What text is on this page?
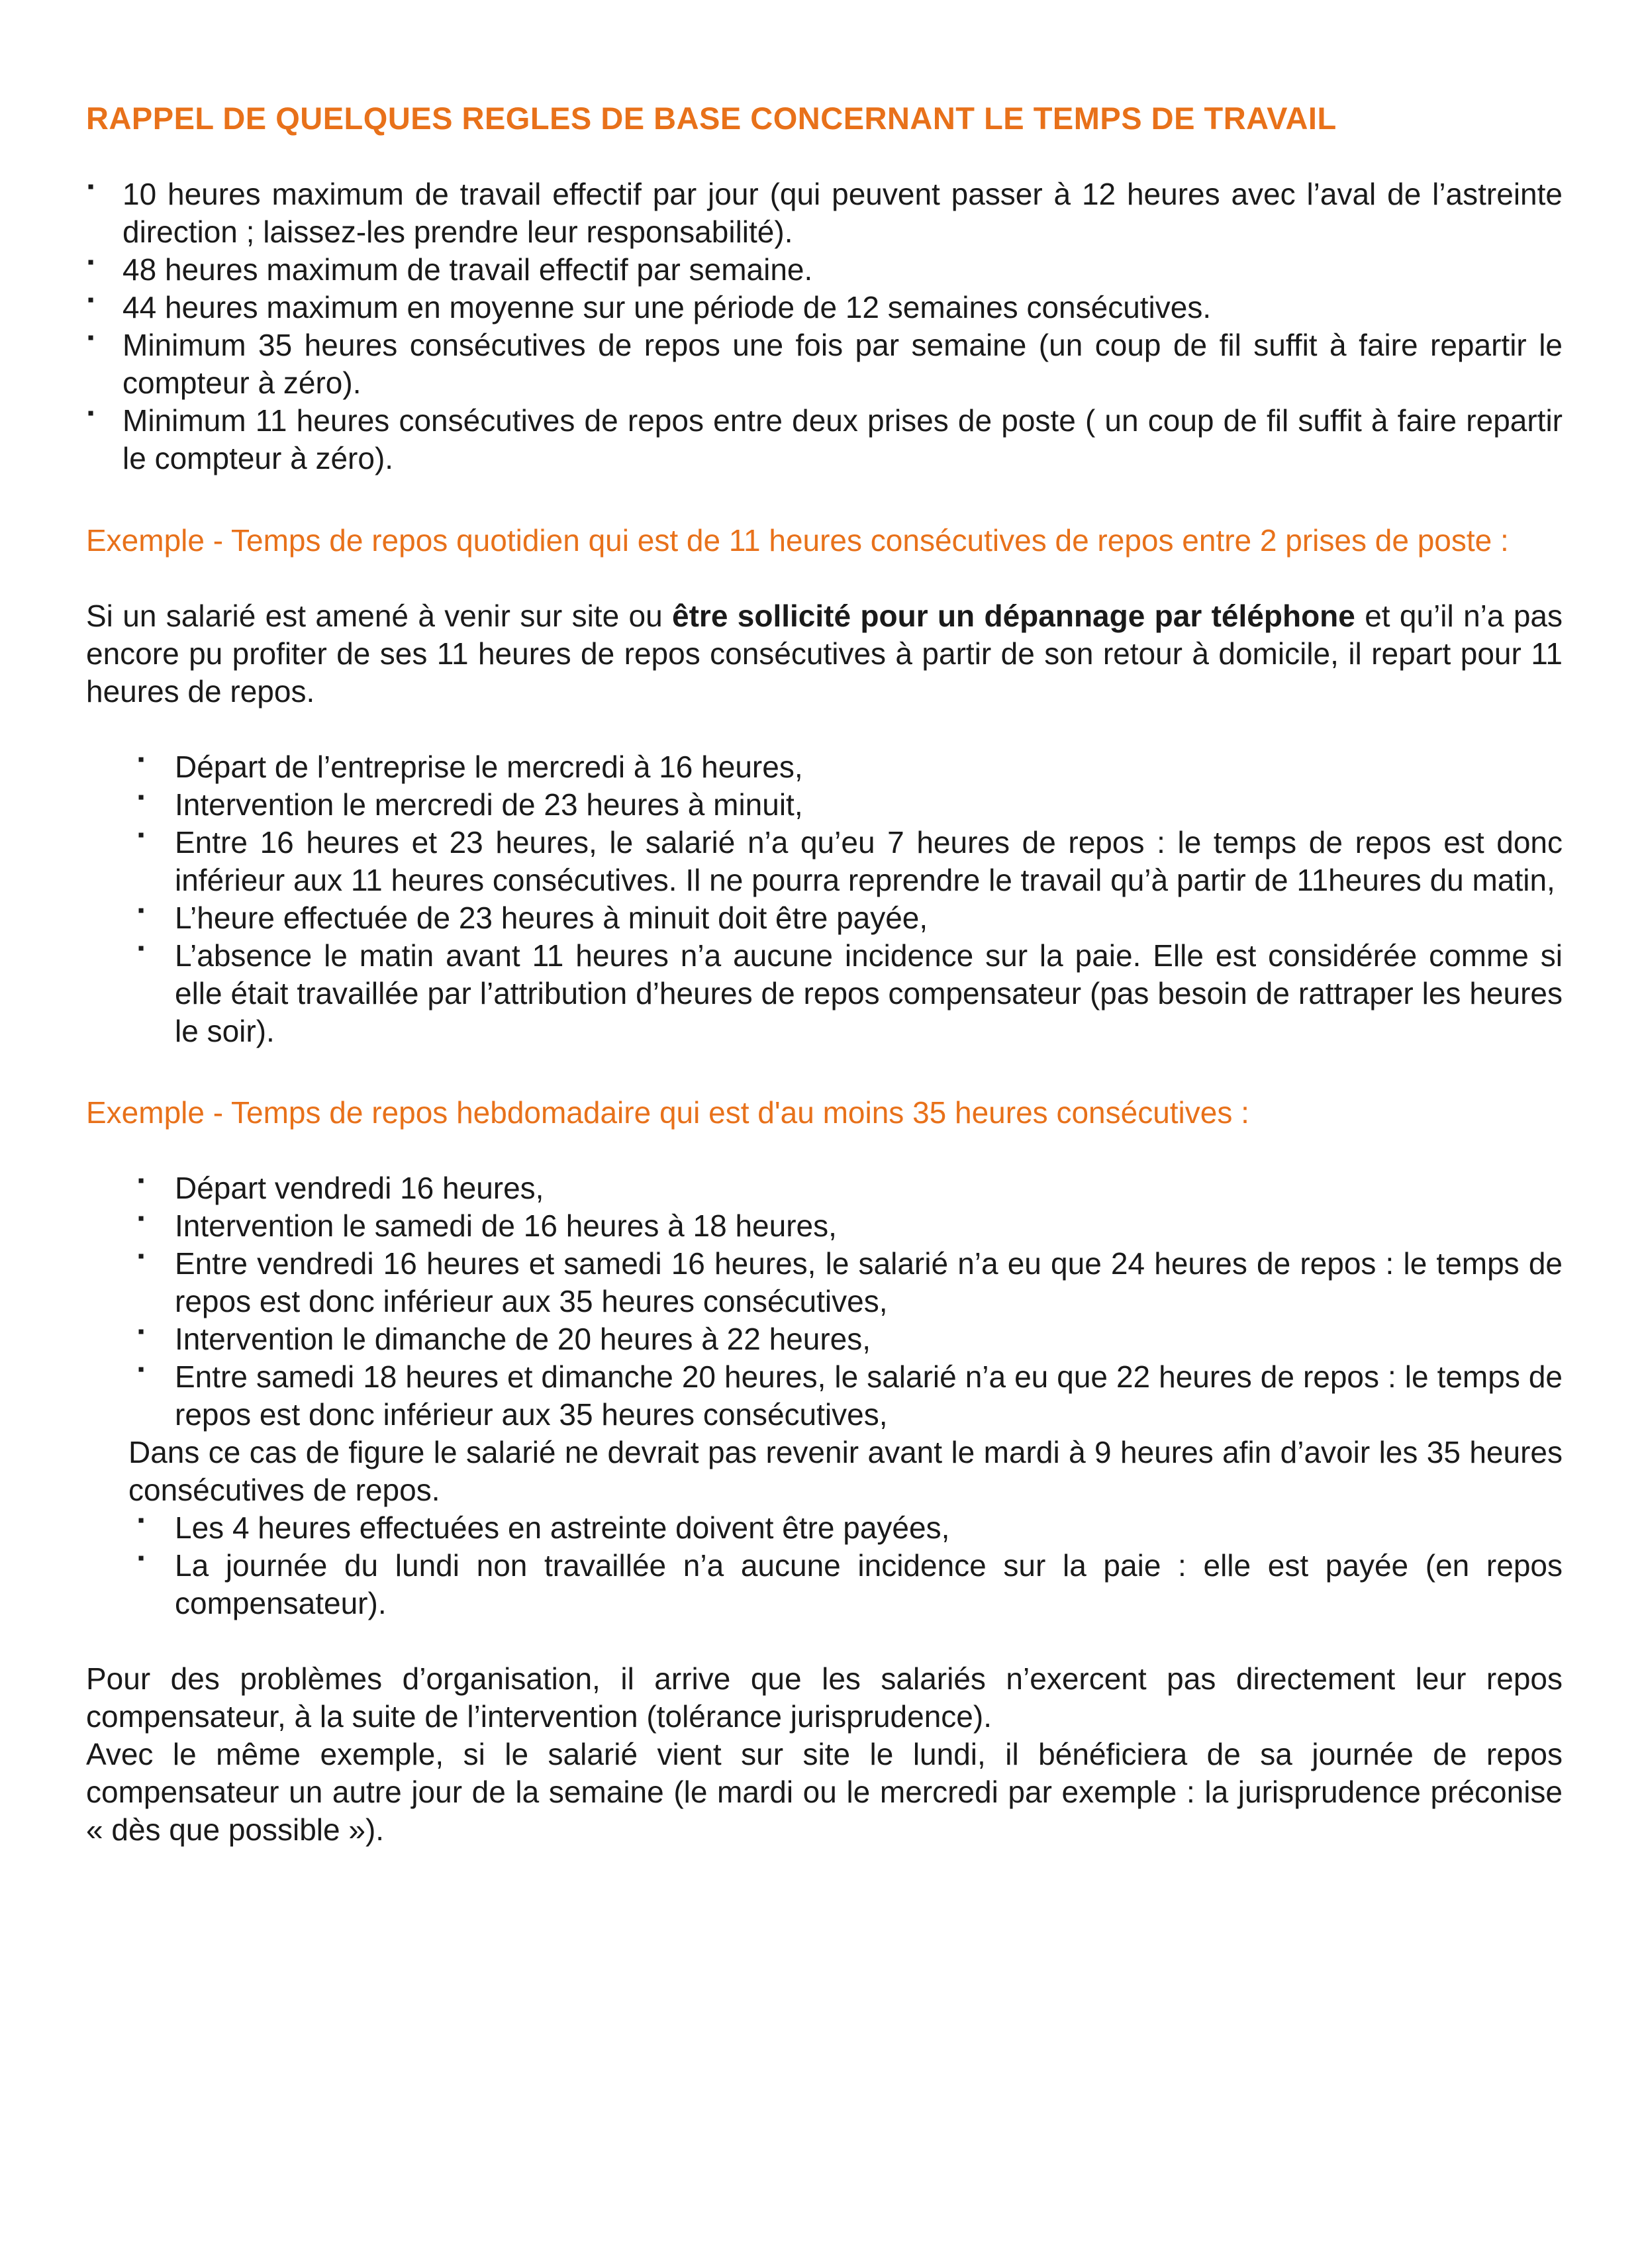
RAPPEL DE QUELQUES REGLES DE BASE CONCERNANT LE TEMPS DE TRAVAIL
▪ 10 heures maximum de travail effectif par jour (qui peuvent passer à 12 heures avec l’aval de l’astreinte direction ; laissez-les prendre leur responsabilité).
▪ 48 heures maximum de travail effectif par semaine.
▪ 44 heures maximum en moyenne sur une période de 12 semaines consécutives.
▪ Minimum 35 heures consécutives de repos une fois par semaine (un coup de fil suffit à faire repartir le compteur à zéro).
▪ Minimum 11 heures consécutives de repos entre deux prises de poste ( un coup de fil suffit à faire repartir le compteur à zéro).
Exemple - Temps de repos quotidien qui est de 11 heures consécutives de repos entre 2 prises de poste :

Si un salarié est amené à venir sur site ou être sollicité pour un dépannage par téléphone et qu’il n’a pas encore pu profiter de ses 11 heures de repos consécutives à partir de son retour à domicile, il repart pour 11 heures de repos.

▪ Départ de l’entreprise le mercredi à 16 heures,
▪ Intervention le mercredi de 23 heures à minuit,
▪ Entre 16 heures et 23 heures, le salarié n’a qu’eu 7 heures de repos : le temps de repos est donc inférieur aux 11 heures consécutives. Il ne pourra reprendre le travail qu’à partir de 11heures du matin,
▪ L’heure effectuée de 23 heures à minuit doit être payée,
▪ L’absence le matin avant 11 heures n’a aucune incidence sur la paie. Elle est considérée comme si elle était travaillée par l’attribution d’heures de repos compensateur (pas besoin de rattraper les heures le soir).
Exemple - Temps de repos hebdomadaire qui est d'au moins 35 heures consécutives :
▪ Départ vendredi 16 heures,
▪ Intervention le samedi de 16 heures à 18 heures,
▪ Entre vendredi 16 heures et samedi 16 heures, le salarié n’a eu que 24 heures de repos : le temps de repos est donc inférieur aux 35 heures consécutives,
▪ Intervention le dimanche de 20 heures à 22 heures,
▪ Entre samedi 18 heures et dimanche 20 heures, le salarié n’a eu que 22 heures de repos : le temps de repos est donc inférieur aux 35 heures consécutives,
Dans ce cas de figure le salarié ne devrait pas revenir avant le mardi à 9 heures afin d’avoir les 35 heures consécutives de repos.
▪ Les 4 heures effectuées en astreinte doivent être payées,
▪ La journée du lundi non travaillée n’a aucune incidence sur la paie : elle est payée (en repos compensateur).

Pour des problèmes d’organisation, il arrive que les salariés n’exercent pas directement leur repos compensateur, à la suite de l’intervention (tolérance jurisprudence).

Avec le même exemple, si le salarié vient sur site le lundi, il bénéficiera de sa journée de repos compensateur un autre jour de la semaine (le mardi ou le mercredi par exemple : la jurisprudence préconise « dès que possible »).
